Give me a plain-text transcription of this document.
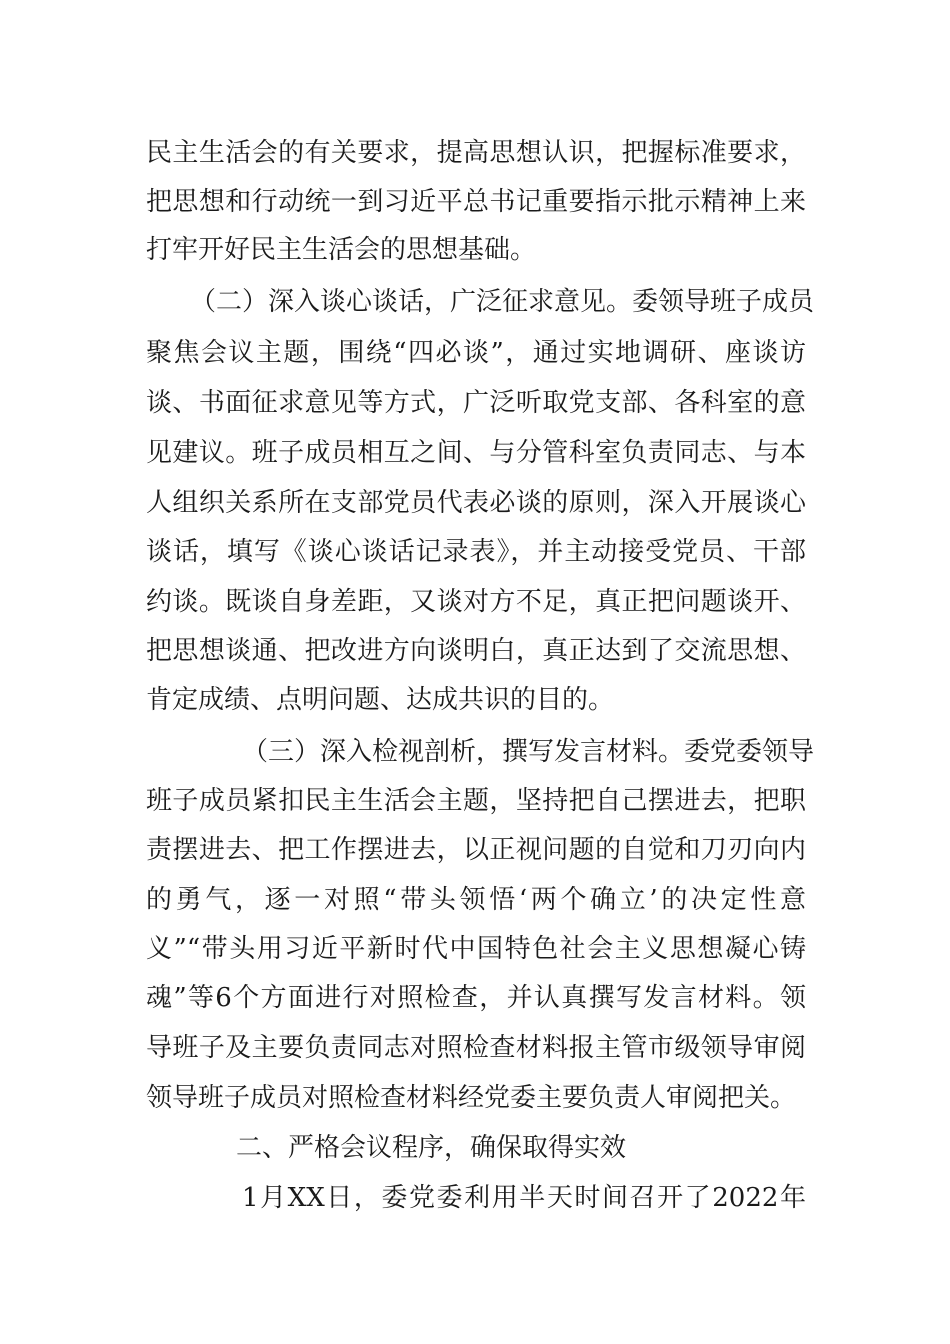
民主生活会的有关要求，提高思想认识，把握标准要求，
把思想和行动统一到习近平总书记重要指示批示精神上来
打牢开好民主生活会的思想基础。
（二）深入谈心谈话，广泛征求意见。委领导班子成员
聚焦会议主题，围绕“四必谈”，通过实地调研、座谈访
谈、书面征求意见等方式，广泛听取党支部、各科室的意
见建议。班子成员相互之间、与分管科室负责同志、与本
人组织关系所在支部党员代表必谈的原则，深入开展谈心
谈话，填写《谈心谈话记录表》，并主动接受党员、干部
约谈。既谈自身差距，又谈对方不足，真正把问题谈开、
把思想谈通、把改进方向谈明白，真正达到了交流思想、
肯定成绩、点明问题、达成共识的目的。
（三）深入检视剖析，撰写发言材料。委党委领导
班子成员紧扣民主生活会主题，坚持把自己摆进去，把职
责摆进去、把工作摆进去，以正视问题的自觉和刀刃向内
的勇气，逐一对照“带头领悟‘两个确立’的决定性意
义”“带头用习近平新时代中国特色社会主义思想凝心铸
魂”等6个方面进行对照检查，并认真撰写发言材料。领
导班子及主要负责同志对照检查材料报主管市级领导审阅
领导班子成员对照检查材料经党委主要负责人审阅把关。
二、严格会议程序，确保取得实效
1月XX日，委党委利用半天时间召开了2022年
